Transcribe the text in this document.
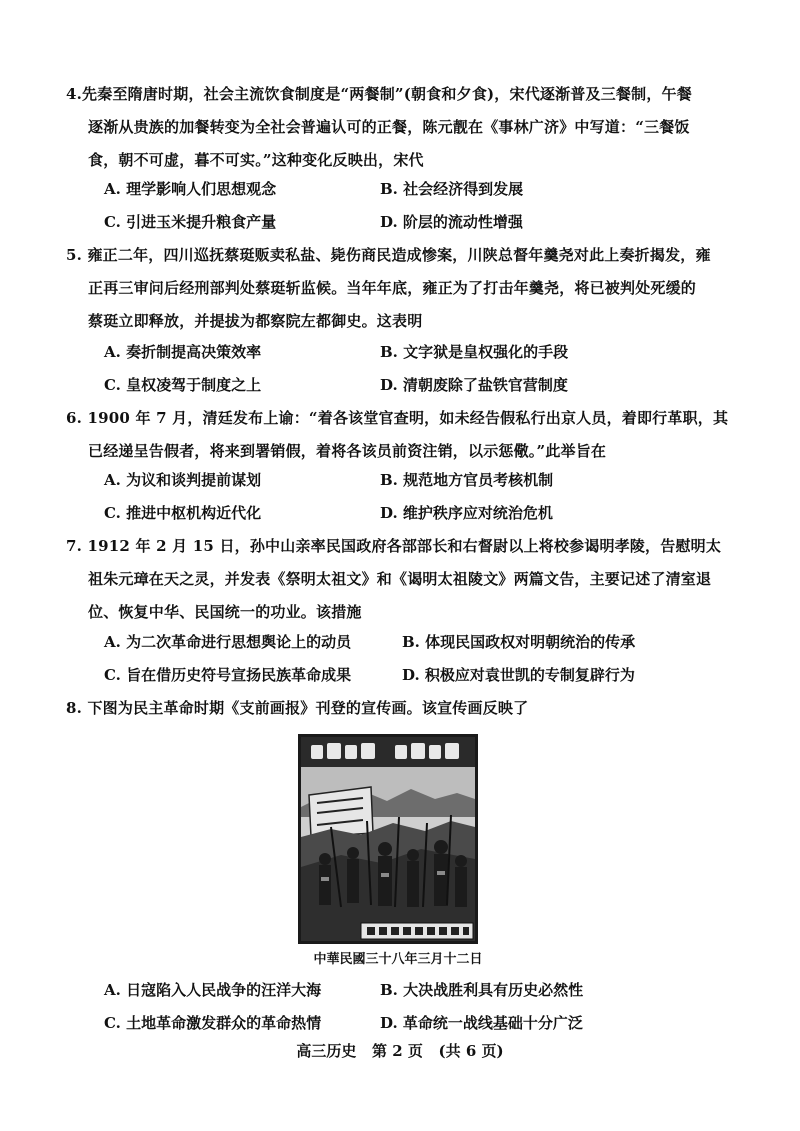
4.先秦至隋唐时期，社会主流饮食制度是“两餐制”(朝食和夕食)，宋代逐渐普及三餐制，午餐
逐渐从贵族的加餐转变为全社会普遍认可的正餐，陈元靓在《事林广济》中写道：“三餐饭
食，朝不可虚，暮不可实。”这种变化反映出，宋代
A. 理学影响人们思想观念	B. 社会经济得到发展
C. 引进玉米提升粮食产量	D. 阶层的流动性增强
5. 雍正二年，四川巡抚蔡珽贩卖私盐、毙伤商民造成惨案，川陕总督年羹尧对此上奏折揭发，雍
正再三审问后经刑部判处蔡珽斩监候。当年年底，雍正为了打击年羹尧，将已被判处死缓的
蔡珽立即释放，并提拔为都察院左都御史。这表明
A. 奏折制提高决策效率	B. 文字狱是皇权强化的手段
C. 皇权凌驾于制度之上	D. 清朝废除了盐铁官营制度
6. 1900 年 7 月，清廷发布上谕：“着各该堂官查明，如未经告假私行出京人员，着即行革职，其
已经递呈告假者，将来到署销假，着将各该员前资注销，以示惩儆。”此举旨在
A. 为议和谈判提前谋划	B. 规范地方官员考核机制
C. 推进中枢机构近代化	D. 维护秩序应对统治危机
7. 1912 年 2 月 15 日，孙中山亲率民国政府各部部长和右督尉以上将校参谒明孝陵，告慰明太
祖朱元璋在天之灵，并发表《祭明太祖文》和《谒明太祖陵文》两篇文告，主要记述了清室退
位、恢复中华、民国统一的功业。该措施
A. 为二次革命进行思想舆论上的动员	B. 体现民国政权对明朝统治的传承
C. 旨在借历史符号宣扬民族革命成果	D. 积极应对袁世凯的专制复辟行为
8. 下图为民主革命时期《支前画报》刊登的宣传画。该宣传画反映了
中華民國三十八年三月十二日
A. 日寇陷入人民战争的汪洋大海	B. 大决战胜利具有历史必然性
C. 土地革命激发群众的革命热情	D. 革命统一战线基础十分广泛
高三历史   第 2 页   (共 6 页)
